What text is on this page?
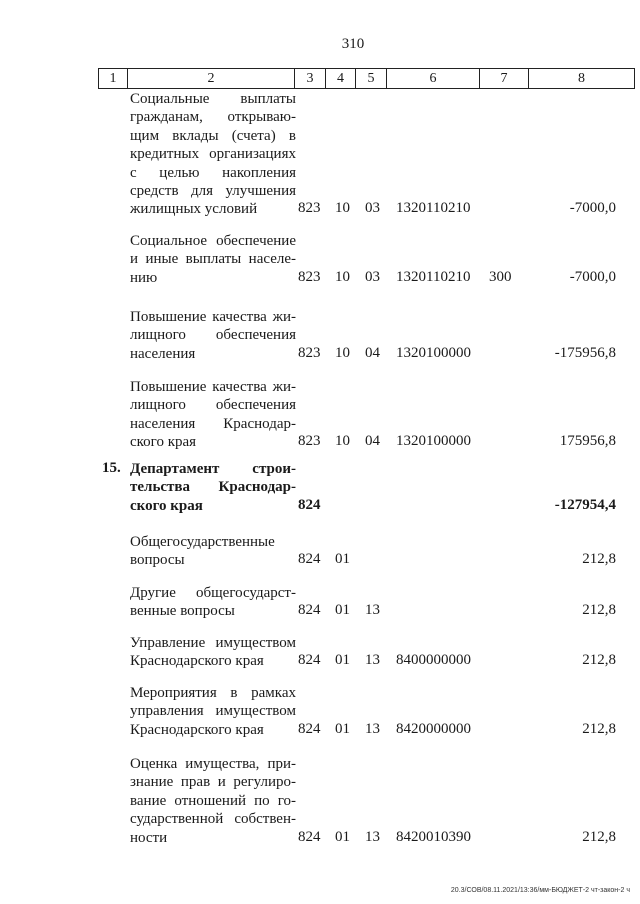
310
1	2	3	4	5	6	7	8
Социальные выплаты
гражданам, открываю-
щим вклады (счета) в
кредитных организациях
с целью накопления
средств для улучшения
жилищных условий	823 10 03 1320110210	-7000,0
Социальное обеспечение
и иные выплаты населе-
нию	823 10 03 1320110210 300	-7000,0
Повышение качества жи-
лищного обеспечения
населения	823 10 04 1320100000	-175956,8
Повышение качества жи-
лищного обеспечения
населения Краснодар-
ского края	823 10 04 1320100000	175956,8
15. Департамент строи-
тельства Краснодар-
ского края	824	-127954,4
Общегосударственные
вопросы	824 01	212,8
Другие общегосударст-
венные вопросы	824 01 13	212,8
Управление имуществом
Краснодарского края	824 01 13 8400000000	212,8
Мероприятия в рамках
управления имуществом
Краснодарского края	824 01 13 8420000000	212,8
Оценка имущества, при-
знание прав и регулиро-
вание отношений по го-
сударственной собствен-
ности	824 01 13 8420010390	212,8
20.3/СОВ/08.11.2021/13:36/мм-БЮДЖЕТ-2 чт-закон-2 ч
